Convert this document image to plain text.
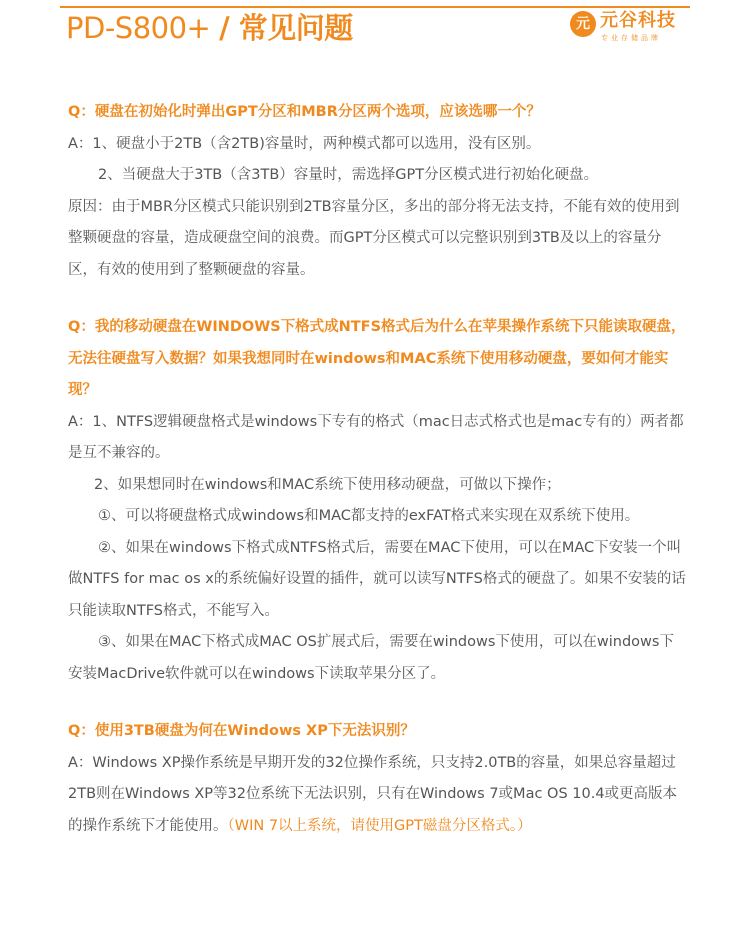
PD-S800+ / 常见问题	元 元谷科技
专业存储品牌

Q：硬盘在初始化时弹出GPT分区和MBR分区两个选项，应该选哪一个？

A：1、硬盘小于2TB（含2TB)容量时，两种模式都可以选用，没有区别。

2、当硬盘大于3TB（含3TB）容量时，需选择GPT分区模式进行初始化硬盘。

原因：由于MBR分区模式只能识别到2TB容量分区，多出的部分将无法支持，不能有效的使用到整颗硬盘的容量，造成硬盘空间的浪费。而GPT分区模式可以完整识别到3TB及以上的容量分区，有效的使用到了整颗硬盘的容量。

Q：我的移动硬盘在WINDOWS下格式成NTFS格式后为什么在苹果操作系统下只能读取硬盘，无法往硬盘写入数据？如果我想同时在windows和MAC系统下使用移动硬盘，要如何才能实现？

A：1、NTFS逻辑硬盘格式是windows下专有的格式（mac日志式格式也是mac专有的）两者都是互不兼容的。

2、如果想同时在windows和MAC系统下使用移动硬盘，可做以下操作；

①、可以将硬盘格式成windows和MAC都支持的exFAT格式来实现在双系统下使用。

②、如果在windows下格式成NTFS格式后，需要在MAC下使用，可以在MAC下安装一个叫做NTFS for mac os x的系统偏好设置的插件，就可以读写NTFS格式的硬盘了。如果不安装的话只能读取NTFS格式，不能写入。

③、如果在MAC下格式成MAC OS扩展式后，需要在windows下使用，可以在windows下安装MacDrive软件就可以在windows下读取苹果分区了。

Q：使用3TB硬盘为何在Windows XP下无法识别？

A：Windows XP操作系统是早期开发的32位操作系统，只支持2.0TB的容量，如果总容量超过2TB则在Windows XP等32位系统下无法识别，只有在Windows 7或Mac OS 10.4或更高版本的操作系统下才能使用。（WIN 7以上系统，请使用GPT磁盘分区格式。）
